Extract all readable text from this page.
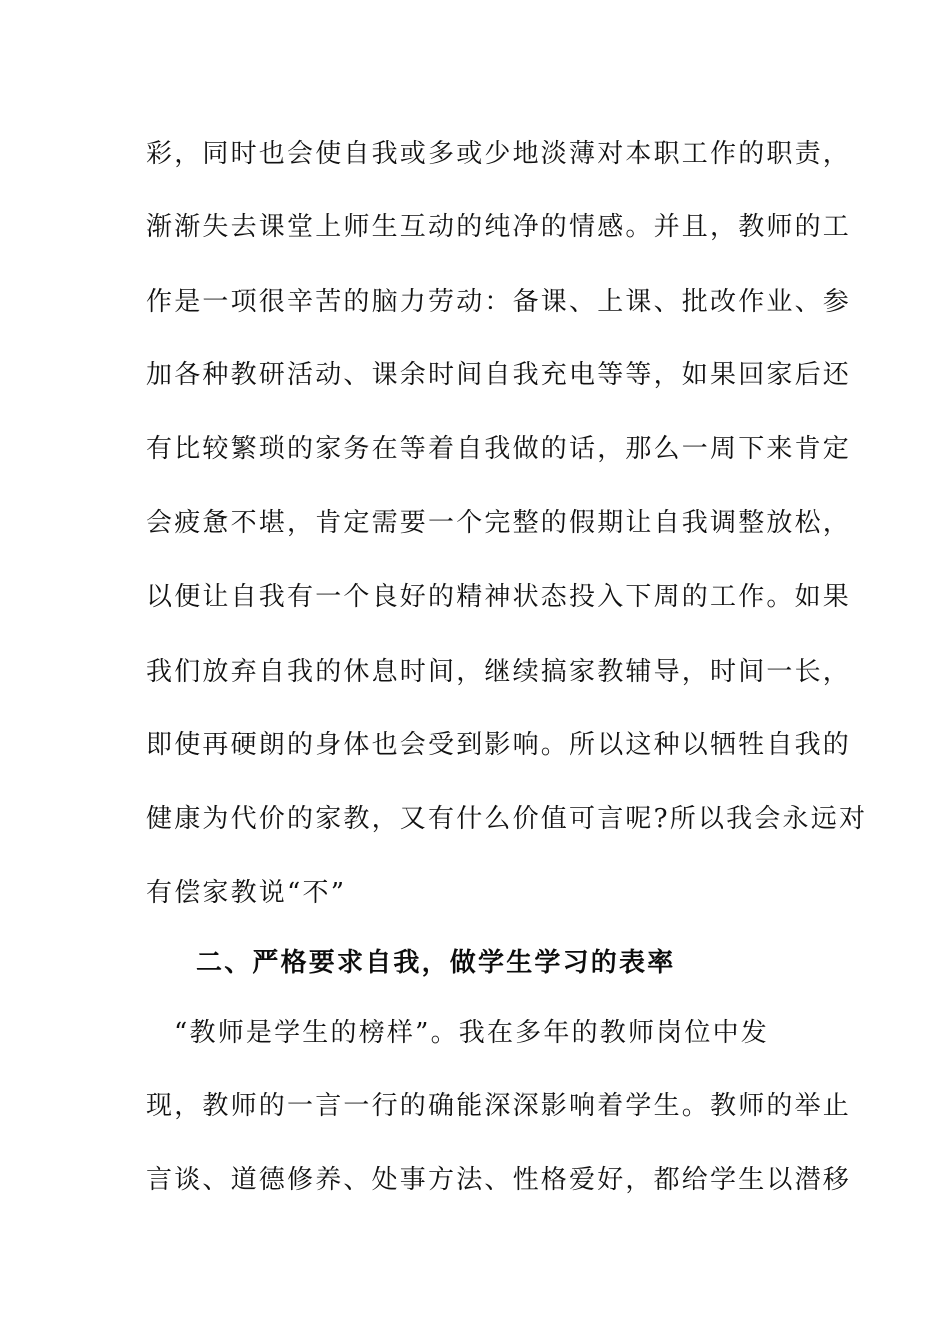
彩，同时也会使自我或多或少地淡薄对本职工作的职责，
渐渐失去课堂上师生互动的纯净的情感。并且，教师的工
作是一项很辛苦的脑力劳动：备课、上课、批改作业、参
加各种教研活动、课余时间自我充电等等，如果回家后还
有比较繁琐的家务在等着自我做的话，那么一周下来肯定
会疲惫不堪，肯定需要一个完整的假期让自我调整放松，
以便让自我有一个良好的精神状态投入下周的工作。如果
我们放弃自我的休息时间，继续搞家教辅导，时间一长，
即使再硬朗的身体也会受到影响。所以这种以牺牲自我的
健康为代价的家教，又有什么价值可言呢?所以我会永远对
有偿家教说“不”
二、严格要求自我，做学生学习的表率
“教师是学生的榜样”。我在多年的教师岗位中发
现，教师的一言一行的确能深深影响着学生。教师的举止
言谈、道德修养、处事方法、性格爱好，都给学生以潜移
